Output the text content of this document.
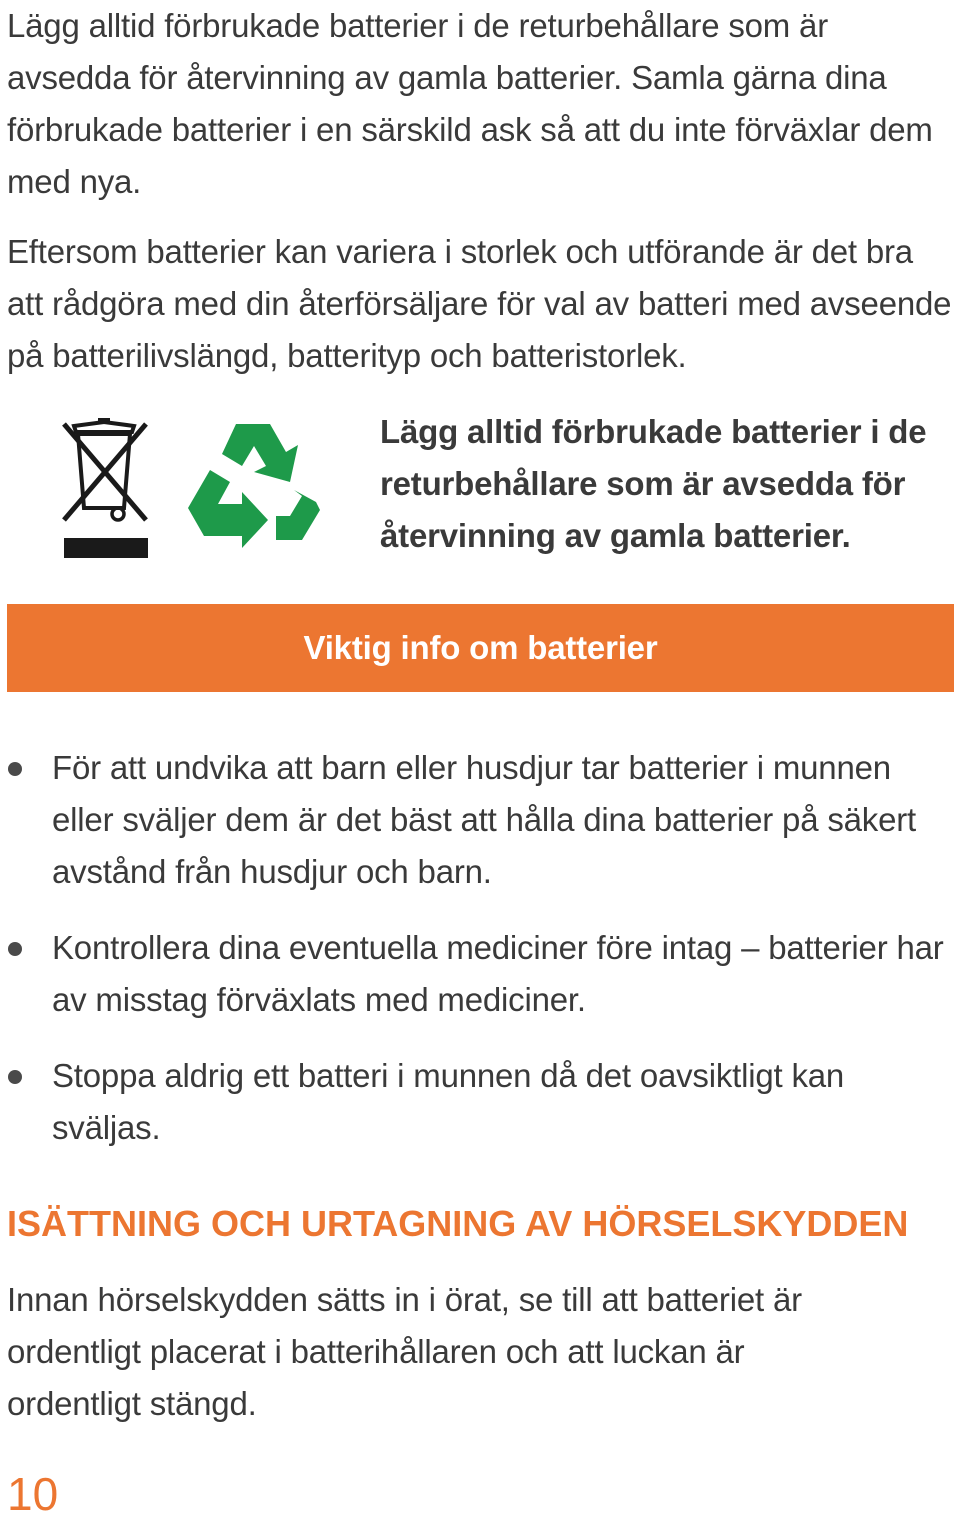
Lägg alltid förbrukade batterier i de returbehållare som är avsedda för återvinning av gamla batterier. Samla gärna dina förbrukade batterier i en särskild ask så att du inte förväxlar dem med nya.

Eftersom batterier kan variera i storlek och utförande är det bra att rådgöra med din återförsäljare för val av batteri med avseende på batterilivslängd, batterityp och batteristorlek.

Lägg alltid förbrukade batterier i de returbehållare som är avsedda för återvinning av gamla batterier.

Viktig info om batterier
För att undvika att barn eller husdjur tar batterier i munnen eller sväljer dem är det bäst att hålla dina batterier på säkert avstånd från husdjur och barn.
Kontrollera dina eventuella mediciner före intag – batterier har av misstag förväxlats med mediciner.
Stoppa aldrig ett batteri i munnen då det oavsiktligt kan sväljas.
ISÄTTNING OCH URTAGNING AV HÖRSELSKYDDEN

Innan hörselskydden sätts in i örat, se till att batteriet är ordentligt placerat i batterihållaren och att luckan är ordentligt stängd.

10
